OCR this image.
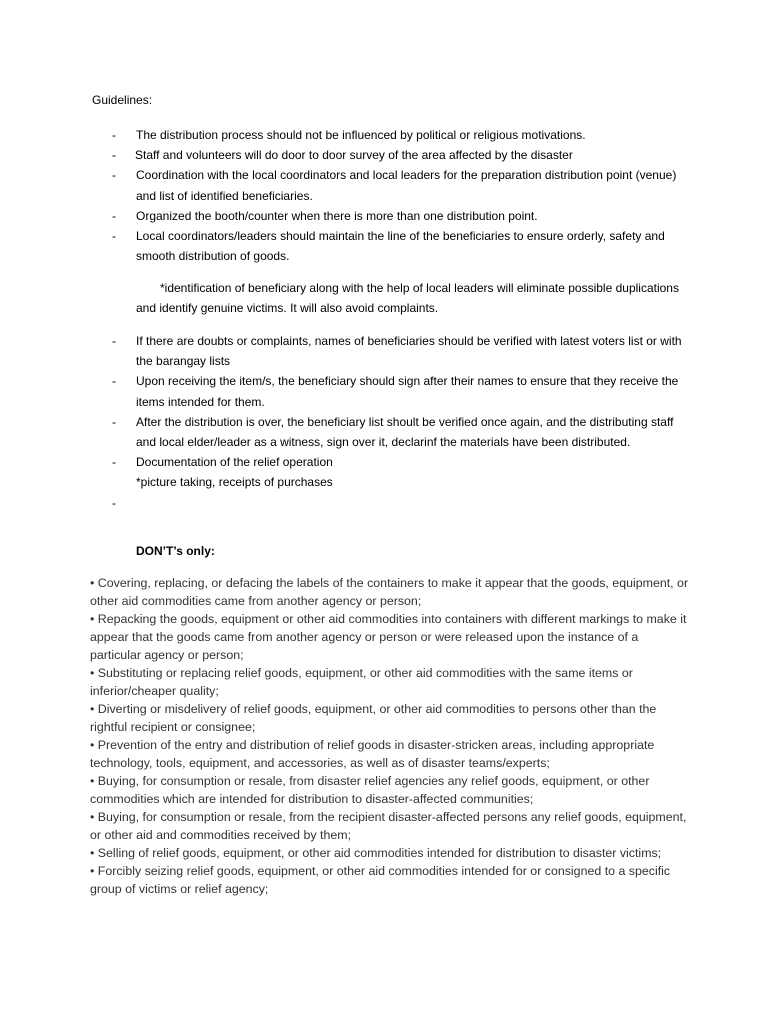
Guidelines:
- The distribution process should not be influenced by political or religious motivations.
- Staff and volunteers will do door to door survey of the area affected by the disaster
- Coordination with the local coordinators and local leaders for the preparation distribution point (venue) and list of identified beneficiaries.
- Organized the booth/counter when there is more than one distribution point.
- Local coordinators/leaders should maintain the line of the beneficiaries to ensure orderly, safety and smooth distribution of goods.
*identification of beneficiary along with the help of local leaders will eliminate possible duplications and identify genuine victims. It will also avoid complaints.
- If there are doubts or complaints, names of beneficiaries should be verified with latest voters list or with the barangay lists
- Upon receiving the item/s, the beneficiary should sign after their names to ensure that they receive the items intended for them.
- After the distribution is over, the beneficiary list shoult be verified once again, and the distributing staff and local elder/leader as a witness, sign over it, declarinf the materials have been distributed.
- Documentation of the relief operation
*picture taking, receipts of purchases
-

DON’T’s only:

• Covering, replacing, or defacing the labels of the containers to make it appear that the goods, equipment, or other aid commodities came from another agency or person;

• Repacking the goods, equipment or other aid commodities into containers with different markings to make it appear that the goods came from another agency or person or were released upon the instance of a particular agency or person;

• Substituting or replacing relief goods, equipment, or other aid commodities with the same items or inferior/cheaper quality;

• Diverting or misdelivery of relief goods, equipment, or other aid commodities to persons other than the rightful recipient or consignee;

• Prevention of the entry and distribution of relief goods in disaster-stricken areas, including appropriate technology, tools, equipment, and accessories, as well as of disaster teams/experts;

• Buying, for consumption or resale, from disaster relief agencies any relief goods, equipment, or other commodities which are intended for distribution to disaster-affected communities;

• Buying, for consumption or resale, from the recipient disaster-affected persons any relief goods, equipment, or other aid and commodities received by them;

• Selling of relief goods, equipment, or other aid commodities intended for distribution to disaster victims;

• Forcibly seizing relief goods, equipment, or other aid commodities intended for or consigned to a specific group of victims or relief agency;
